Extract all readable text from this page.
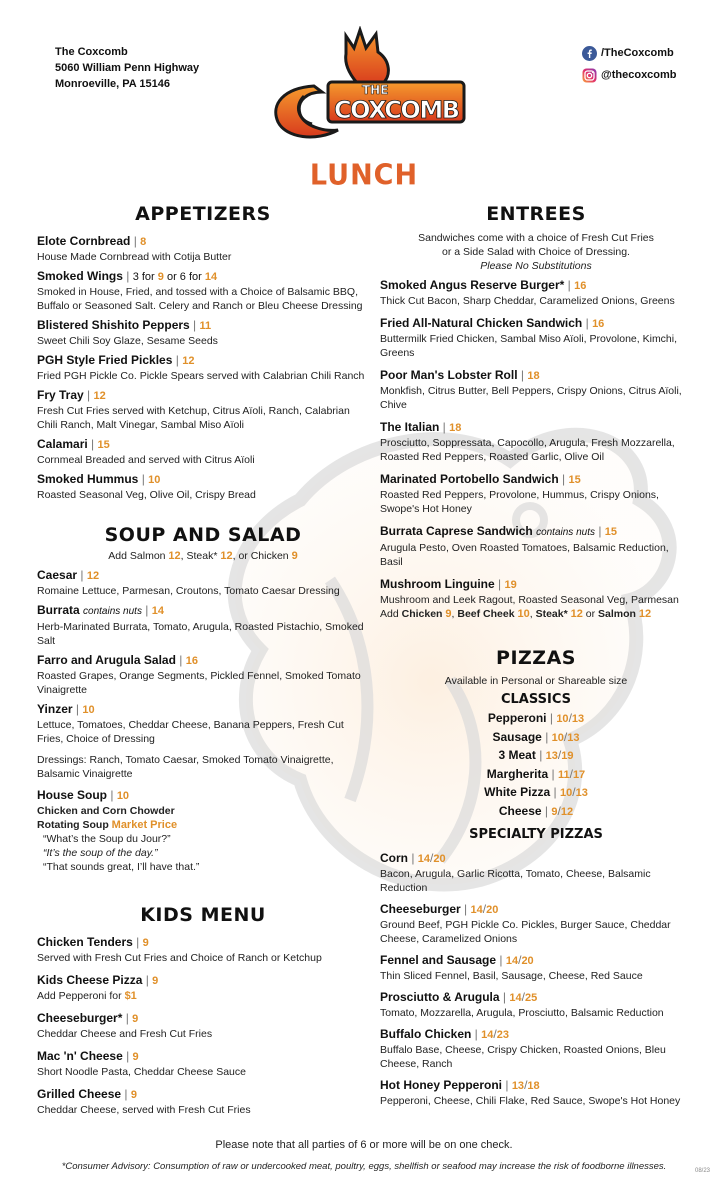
The Coxcomb
5060 William Penn Highway
Monroeville, PA 15146
/TheCoxcomb
@thecoxcomb
THE
COXCOMB
LUNCH
APPETIZERS
Elote Cornbread | 8
House Made Cornbread with Cotija Butter
Smoked Wings | 3 for 9 or 6 for 14
Smoked in House, Fried, and tossed with a Choice of Balsamic BBQ, Buffalo or Seasoned Salt. Celery and Ranch or Bleu Cheese Dressing
Blistered Shishito Peppers | 11
Sweet Chili Soy Glaze, Sesame Seeds
PGH Style Fried Pickles | 12
Fried PGH Pickle Co. Pickle Spears served with Calabrian Chili Ranch
Fry Tray | 12
Fresh Cut Fries served with Ketchup, Citrus Aïoli, Ranch, Calabrian Chili Ranch, Malt Vinegar, Sambal Miso Aïoli
Calamari | 15
Cornmeal Breaded and served with Citrus Aïoli
Smoked Hummus | 10
Roasted Seasonal Veg, Olive Oil, Crispy Bread
SOUP AND SALAD
Add Salmon 12, Steak* 12, or Chicken 9
Caesar | 12
Romaine Lettuce, Parmesan, Croutons, Tomato Caesar Dressing
Burrata contains nuts | 14
Herb-Marinated Burrata, Tomato, Arugula, Roasted Pistachio, Smoked Salt
Farro and Arugula Salad | 16
Roasted Grapes, Orange Segments, Pickled Fennel, Smoked Tomato Vinaigrette
Yinzer | 10
Lettuce, Tomatoes, Cheddar Cheese, Banana Peppers, Fresh Cut Fries, Choice of Dressing
Dressings: Ranch, Tomato Caesar, Smoked Tomato Vinaigrette, Balsamic Vinaigrette
House Soup | 10
Chicken and Corn Chowder
Rotating Soup Market Price
“What’s the Soup du Jour?”
“It’s the soup of the day.”
“That sounds great, I’ll have that.”
KIDS MENU
Chicken Tenders | 9
Served with Fresh Cut Fries and Choice of Ranch or Ketchup
Kids Cheese Pizza | 9
Add Pepperoni for $1
Cheeseburger* | 9
Cheddar Cheese and Fresh Cut Fries
Mac 'n' Cheese | 9
Short Noodle Pasta, Cheddar Cheese Sauce
Grilled Cheese | 9
Cheddar Cheese, served with Fresh Cut Fries
ENTREES
Sandwiches come with a choice of Fresh Cut Fries
or a Side Salad with Choice of Dressing.
Please No Substitutions
Smoked Angus Reserve Burger* | 16
Thick Cut Bacon, Sharp Cheddar, Caramelized Onions, Greens
Fried All-Natural Chicken Sandwich | 16
Buttermilk Fried Chicken, Sambal Miso Aïoli, Provolone, Kimchi, Greens
Poor Man's Lobster Roll | 18
Monkfish, Citrus Butter, Bell Peppers, Crispy Onions, Citrus Aïoli, Chive
The Italian | 18
Prosciutto, Soppressata, Capocollo, Arugula, Fresh Mozzarella, Roasted Red Peppers, Roasted Garlic, Olive Oil
Marinated Portobello Sandwich | 15
Roasted Red Peppers, Provolone, Hummus, Crispy Onions, Swope's Hot Honey
Burrata Caprese Sandwich contains nuts | 15
Arugula Pesto, Oven Roasted Tomatoes, Balsamic Reduction, Basil
Mushroom Linguine | 19
Mushroom and Leek Ragout, Roasted Seasonal Veg, Parmesan
Add Chicken 9, Beef Cheek 10, Steak* 12 or Salmon 12
PIZZAS
Available in Personal or Shareable size
CLASSICS
Pepperoni | 10/13
Sausage | 10/13
3 Meat | 13/19
Margherita | 11/17
White Pizza | 10/13
Cheese | 9/12
SPECIALTY PIZZAS
Corn | 14/20
Bacon, Arugula, Garlic Ricotta, Tomato, Cheese, Balsamic Reduction
Cheeseburger | 14/20
Ground Beef, PGH Pickle Co. Pickles, Burger Sauce, Cheddar Cheese, Caramelized Onions
Fennel and Sausage | 14/20
Thin Sliced Fennel, Basil, Sausage, Cheese, Red Sauce
Prosciutto & Arugula | 14/25
Tomato, Mozzarella, Arugula, Prosciutto, Balsamic Reduction
Buffalo Chicken | 14/23
Buffalo Base, Cheese, Crispy Chicken, Roasted Onions, Bleu Cheese, Ranch
Hot Honey Pepperoni | 13/18
Pepperoni, Cheese, Chili Flake, Red Sauce, Swope's Hot Honey
Please note that all parties of 6 or more will be on one check.
*Consumer Advisory: Consumption of raw or undercooked meat, poultry, eggs, shellfish or seafood may increase the risk of foodborne illnesses.	08/23
